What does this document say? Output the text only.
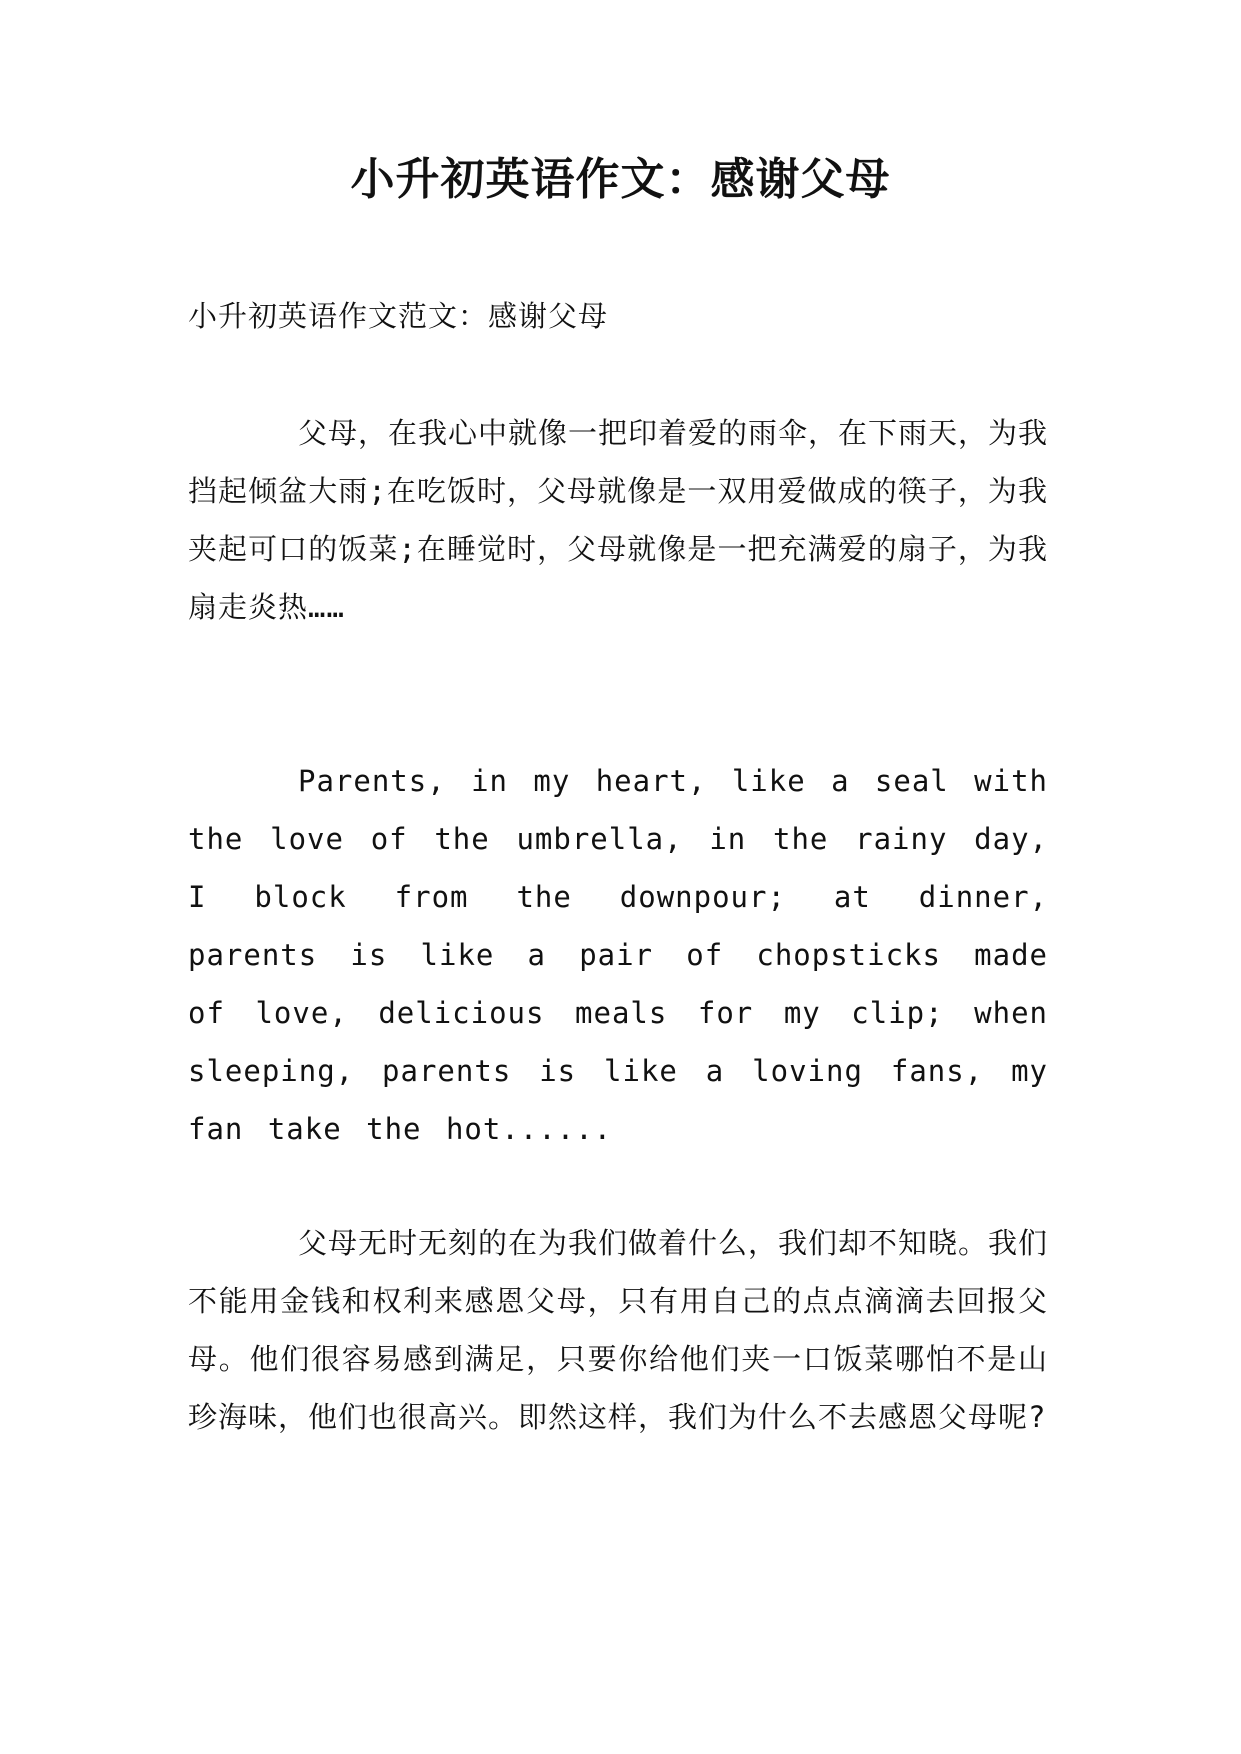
小升初英语作文：感谢父母

小升初英语作文范文：感谢父母

父母，在我心中就像一把印着爱的雨伞，在下雨天，为我挡起倾盆大雨;在吃饭时，父母就像是一双用爱做成的筷子，为我夹起可口的饭菜;在睡觉时，父母就像是一把充满爱的扇子，为我扇走炎热……

Parents, in my heart, like a seal with the love of the umbrella, in the rainy day, I block from the downpour; at dinner, parents is like a pair of chopsticks made of love, delicious meals for my clip; when sleeping, parents is like a loving fans, my fan take the hot......

父母无时无刻的在为我们做着什么，我们却不知晓。我们不能用金钱和权利来感恩父母，只有用自己的点点滴滴去回报父母。他们很容易感到满足，只要你给他们夹一口饭菜哪怕不是山珍海味，他们也很高兴。即然这样，我们为什么不去感恩父母呢?
